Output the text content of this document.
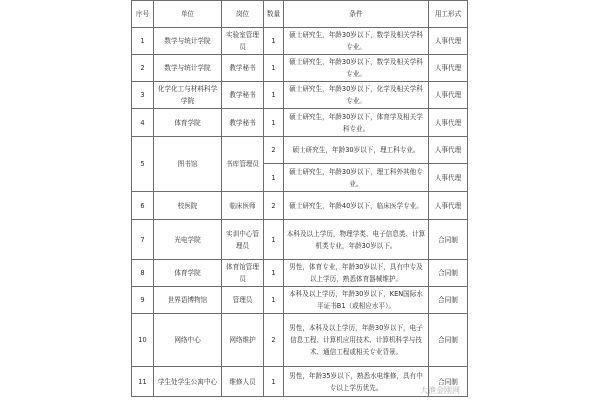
序号	单位	岗位	数量	条件	用工形式
1	数学与统计学院	实验室管理员	1	硕士研究生，年龄30岁以下，数学及相关学科专业。	人事代理
2	数学与统计学院	教学秘书	1	硕士研究生，年龄30岁以下，数学及相关学科专业。	人事代理
3	化学化工与材料科学学院	教学秘书	1	硕士研究生，年龄30岁以下，化学及相关学科专业。	人事代理
4	体育学院	教学秘书	1	硕士研究生，年龄30岁以下，体育学及相关学科专业。	人事代理
5	图书馆	书库管理员	2	硕士研究生，年龄30岁以下，理工科专业。	人事代理
			1	硕士研究生，年龄30岁以下，理工科外其他专业。	人事代理
6	校医院	临床医师	2	硕士研究生，年龄40岁以下，临床医学专业。	人事代理
7	光电学院	实训中心管理员	1	本科及以上学历，物理学类、电子信息类、计算机类专业，年龄30岁以下。	合同制
8	体育学院	体育馆管理员	1	男性，体育专业，年龄30岁以下，具有中专及以上学历，熟悉体育器械维护。	合同制
9	世界语博物馆	管理员	1	本科及以上学历，年龄30岁以下，KEN国际水平证书B1（或相应水平）。	合同制
10	网络中心	网络维护	2	男性，本科及以上学历，年龄30岁以下，电子信息工程、计算机应用技术、计算机科学与技术、通信工程或相关专业背景。	合同制
11	学生处学生公寓中心	维修人员	1	男性，年龄35岁以下，熟悉水电维修，具有中专以上学历优先。	合同制
大渔金刚网
